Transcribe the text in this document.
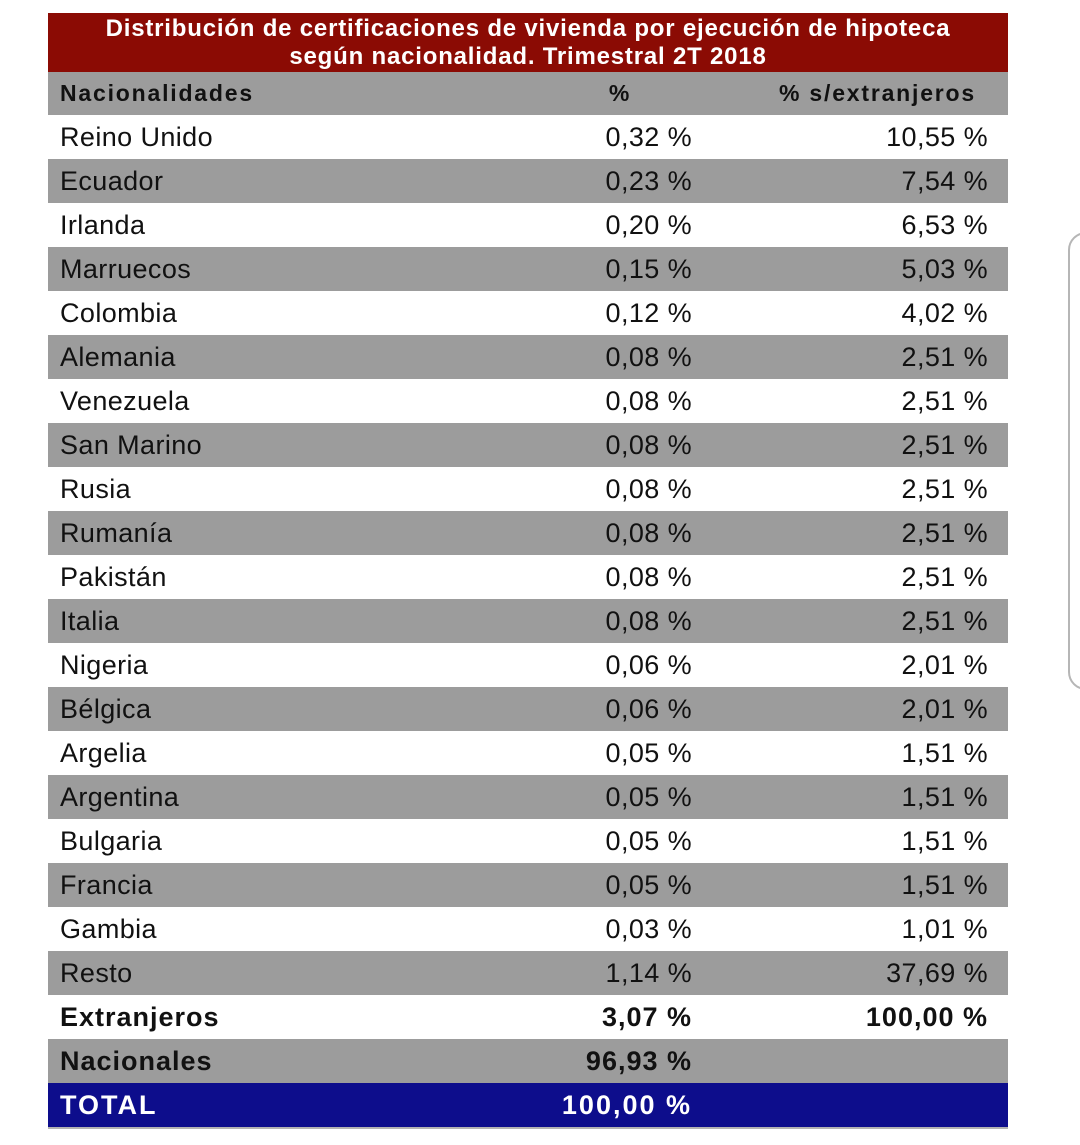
Distribución de certificaciones de vivienda por ejecución de hipoteca
según nacionalidad. Trimestral 2T 2018
Nacionalidades	%	% s/extranjeros
Reino Unido	0,32 %	10,55 %
Ecuador	0,23 %	7,54 %
Irlanda	0,20 %	6,53 %
Marruecos	0,15 %	5,03 %
Colombia	0,12 %	4,02 %
Alemania	0,08 %	2,51 %
Venezuela	0,08 %	2,51 %
San Marino	0,08 %	2,51 %
Rusia	0,08 %	2,51 %
Rumanía	0,08 %	2,51 %
Pakistán	0,08 %	2,51 %
Italia	0,08 %	2,51 %
Nigeria	0,06 %	2,01 %
Bélgica	0,06 %	2,01 %
Argelia	0,05 %	1,51 %
Argentina	0,05 %	1,51 %
Bulgaria	0,05 %	1,51 %
Francia	0,05 %	1,51 %
Gambia	0,03 %	1,01 %
Resto	1,14 %	37,69 %
Extranjeros	3,07 %	100,00 %
Nacionales	96,93 %
TOTAL	100,00 %
